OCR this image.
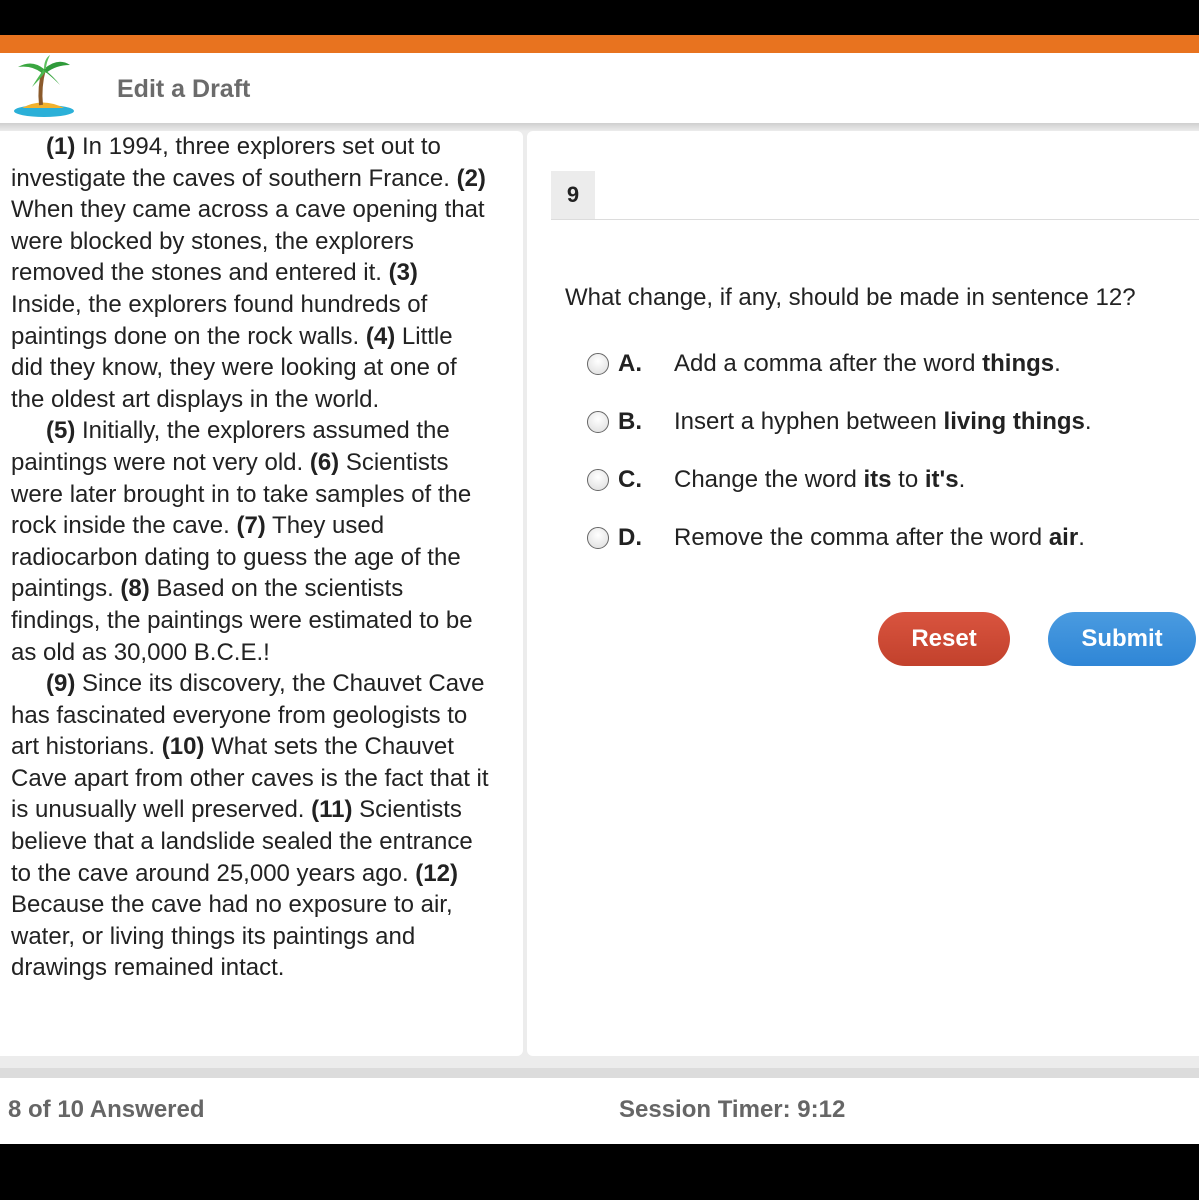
Edit a Draft

(1) In 1994, three explorers set out to investigate the caves of southern France. (2) When they came across a cave opening that were blocked by stones, the explorers removed the stones and entered it. (3) Inside, the explorers found hundreds of paintings done on the rock walls. (4) Little did they know, they were looking at one of the oldest art displays in the world.

(5) Initially, the explorers assumed the paintings were not very old. (6) Scientists were later brought in to take samples of the rock inside the cave. (7) They used radiocarbon dating to guess the age of the paintings. (8) Based on the scientists findings, the paintings were estimated to be as old as 30,000 B.C.E.!

(9) Since its discovery, the Chauvet Cave has fascinated everyone from geologists to art historians. (10) What sets the Chauvet Cave apart from other caves is the fact that it is unusually well preserved. (11) Scientists believe that a landslide sealed the entrance to the cave around 25,000 years ago. (12) Because the cave had no exposure to air, water, or living things its paintings and drawings remained intact.

9
What change, if any, should be made in sentence 12?
A.	Add a comma after the word things.
B.	Insert a hyphen between living things.
C.	Change the word its to it's.
D.	Remove the comma after the word air.
Reset	Submit
8 of 10 Answered	Session Timer: 9:12
